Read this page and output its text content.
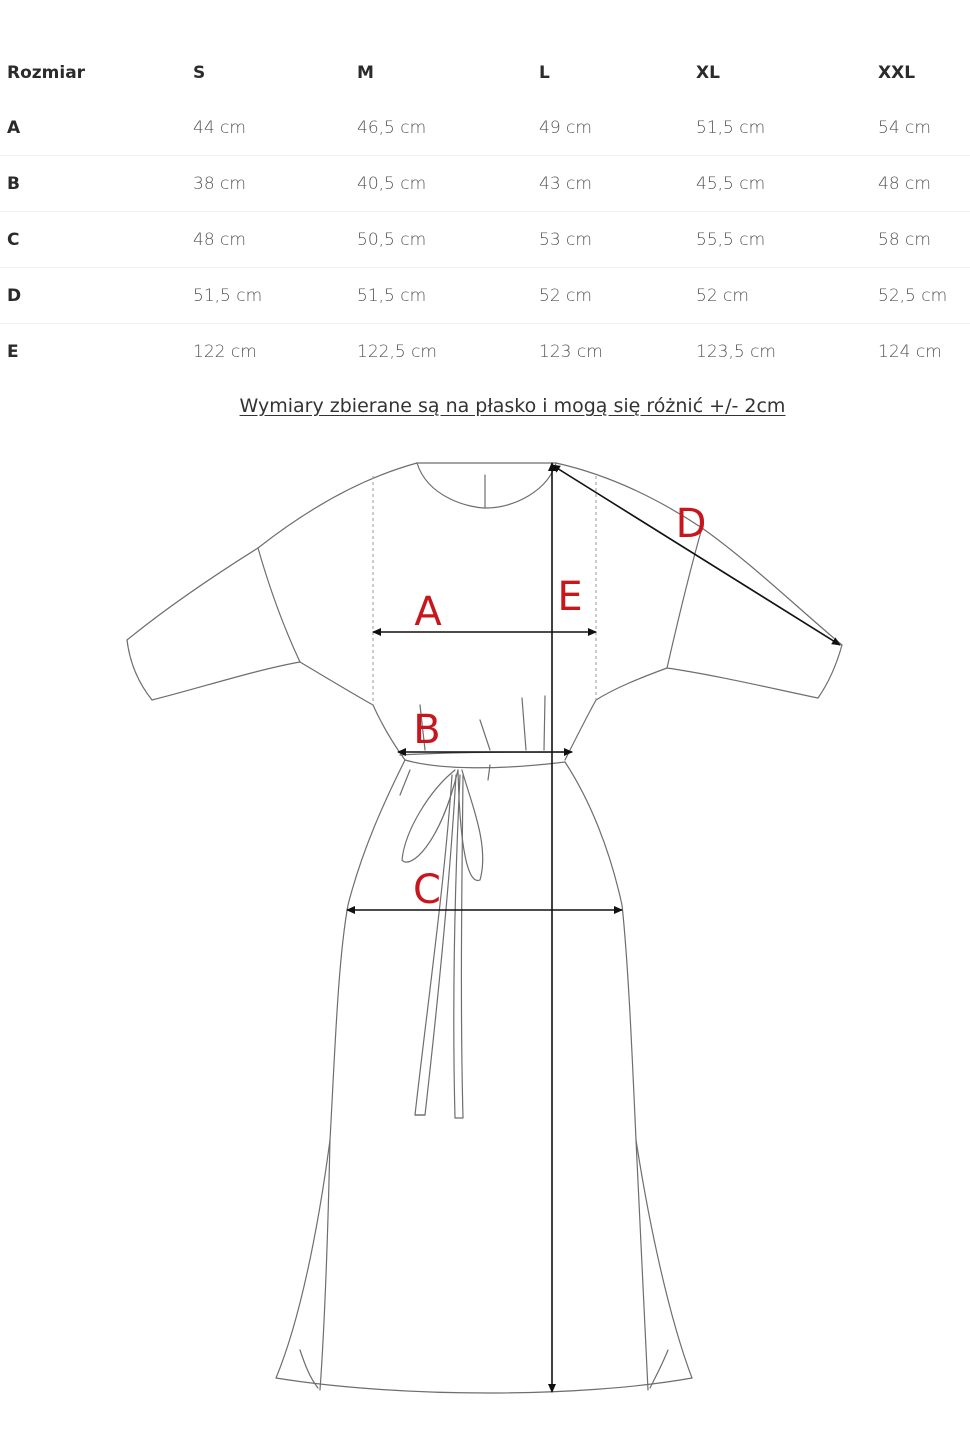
Rozmiar	S	M	L	XL	XXL
A	44 cm	46,5 cm	49 cm	51,5 cm	54 cm
B	38 cm	40,5 cm	43 cm	45,5 cm	48 cm
C	48 cm	50,5 cm	53 cm	55,5 cm	58 cm
D	51,5 cm	51,5 cm	52 cm	52 cm	52,5 cm
E	122 cm	122,5 cm	123 cm	123,5 cm	124 cm
Wymiary zbierane są na płasko i mogą się różnić +/- 2cm
A
B
C
D
E
